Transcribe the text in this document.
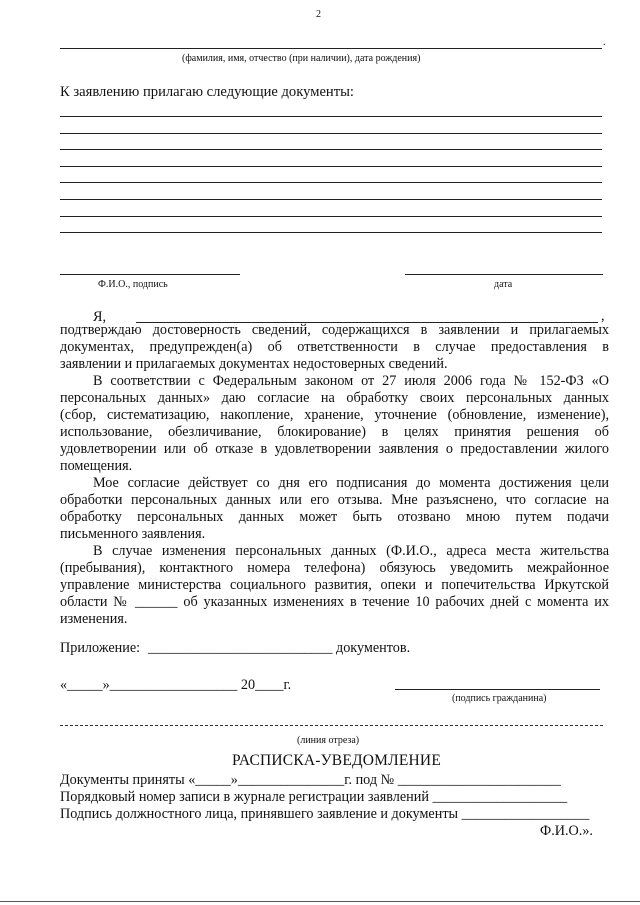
2
.
(фамилия, имя, отчество (при наличии), дата рождения)
К заявлению прилагаю следующие документы:
Ф.И.О., подпись	дата
Я,	,
подтверждаю достоверность сведений, содержащихся в заявлении и прилагаемых
документах, предупрежден(а) об ответственности в случае предоставления в
заявлении и прилагаемых документах недостоверных сведений.
В соответствии с Федеральным законом от 27 июля 2006 года № 152-ФЗ «О
персональных данных» даю согласие на обработку своих персональных данных
(сбор, систематизацию, накопление, хранение, уточнение (обновление, изменение),
использование, обезличивание, блокирование) в целях принятия решения об
удовлетворении или об отказе в удовлетворении заявления о предоставлении жилого
помещения.
Мое согласие действует со дня его подписания до момента достижения цели
обработки персональных данных или его отзыва. Мне разъяснено, что согласие на
обработку персональных данных может быть отозвано мною путем подачи
письменного заявления.
В случае изменения персональных данных (Ф.И.О., адреса места жительства
(пребывания), контактного номера телефона) обязуюсь уведомить межрайонное
управление министерства социального развития, опеки и попечительства Иркутской
области № ______ об указанных изменениях в течение 10 рабочих дней с момента их
изменения.
Приложение: __________________________ документов.
«_____»__________________ 20____г.
(подпись гражданина)
(линия отреза)
РАСПИСКА-УВЕДОМЛЕНИЕ
Документы приняты «_____»_______________г. под № _______________________
Порядковый номер записи в журнале регистрации заявлений ___________________
Подпись должностного лица, принявшего заявление и документы __________________
Ф.И.О.».
